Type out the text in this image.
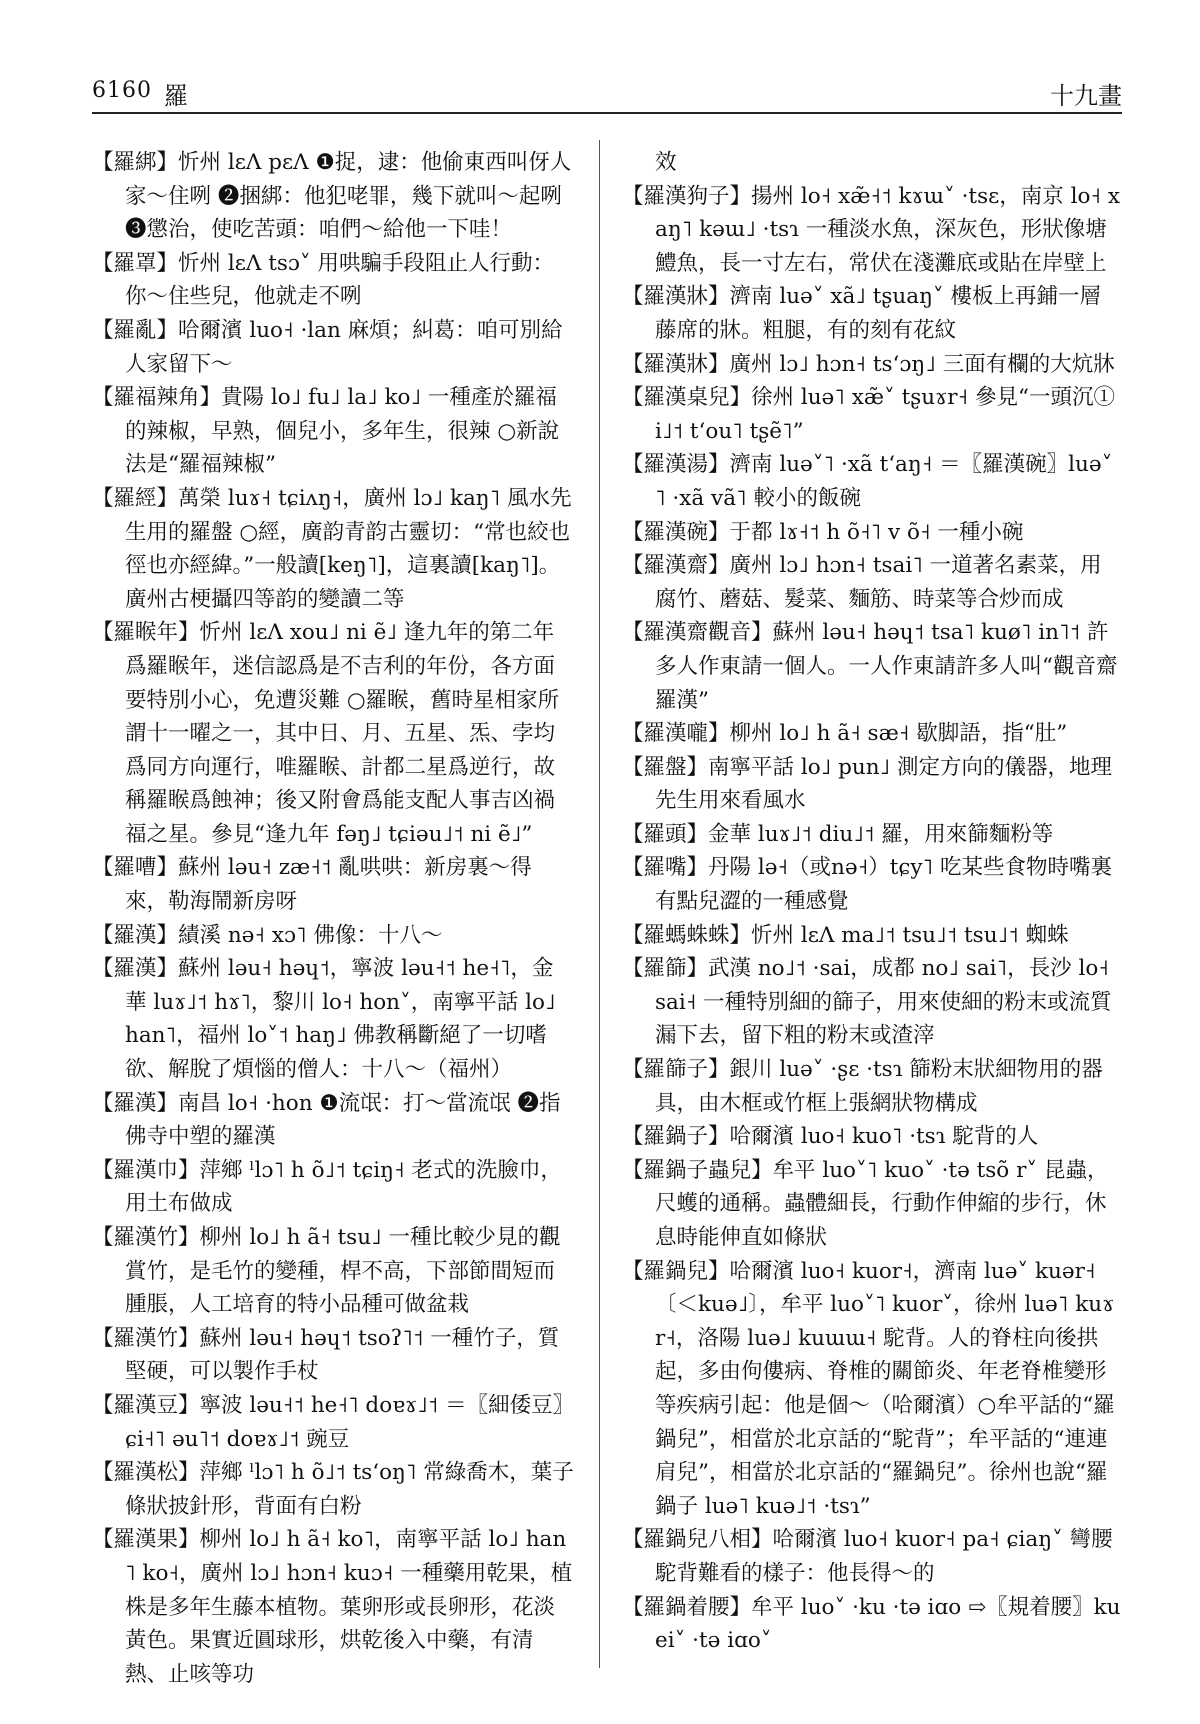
6160 羅	十九畫

【羅綁】忻州 lɛɅ pɛɅ ❶捉，逮：他偷東西叫伢人家～住咧 ❷捆綁：他犯咾罪，幾下就叫～起咧 ❸懲治，使吃苦頭：咱們～給他一下哇！

【羅罩】忻州 lɛɅ tsɔ˅ 用哄騙手段阻止人行動：你～住些兒，他就走不咧

【羅亂】哈爾濱 luo˧ ·lan 麻煩；糾葛：咱可別給人家留下～

【羅福辣角】貴陽 lo˩ fu˩ la˩ ko˩ 一種產於羅福的辣椒，早熟，個兒小，多年生，很辣 ○新說法是“羅福辣椒”

【羅經】萬榮 luɤ˧ tɕiʌŋ˧，廣州 lɔ˩ kaŋ˥ 風水先生用的羅盤 ○經，廣韵青韵古靈切：“常也絞也徑也亦經緯。”一般讀[keŋ˥]，這裏讀[kaŋ˥]。廣州古梗攝四等韵的變讀二等

【羅睺年】忻州 lɛɅ xou˩ ni ẽ˩ 逢九年的第二年爲羅睺年，迷信認爲是不吉利的年份，各方面要特別小心，免遭災難 ○羅睺，舊時星相家所謂十一曜之一，其中日、月、五星、炁、孛均爲同方向運行，唯羅睺、計都二星爲逆行，故稱羅睺爲蝕神；後又附會爲能支配人事吉凶禍福之星。參見“逢九年 fəŋ˩ tɕiəu˩˦ ni ẽ˩”

【羅嘈】蘇州 ləu˧ zæ˧˦ 亂哄哄：新房裏～得來，勒海鬧新房呀

【羅漢】績溪 nə˧ xɔ˥ 佛像：十八～

【羅漢】蘇州 ləu˧ həɥ˦，寧波 ləu˧˦ he˧˥，金華 luɤ˩˦ hɤ˥，黎川 lo˧ hon˅，南寧平話 lo˩ han˥，福州 lo˅˦ haŋ˩ 佛教稱斷絕了一切嗜欲、解脫了煩惱的僧人：十八～（福州）

【羅漢】南昌 lo˧ ·hon ❶流氓：打～當流氓 ❷指佛寺中塑的羅漢

【羅漢巾】萍鄉 ˡlɔ˥ h õ˩˦ tɕiŋ˧ 老式的洗臉巾，用土布做成

【羅漢竹】柳州 lo˩ h ã˧ tsu˩ 一種比較少見的觀賞竹，是毛竹的變種，桿不高，下部節間短而腫脹，人工培育的特小品種可做盆栽

【羅漢竹】蘇州 ləu˧ həɥ˦ tsoʔ˥˦ 一種竹子，質堅硬，可以製作手杖

【羅漢豆】寧波 ləu˧˦ he˧˥ doɐɤ˩˦ ＝〖細倭豆〗ɕi˧˥ əu˥˦ doɐɤ˩˦ 豌豆

【羅漢松】萍鄉 ˡlɔ˥ h õ˩˦ tsʻoŋ˥ 常綠喬木，葉子條狀披針形，背面有白粉

【羅漢果】柳州 lo˩ h ã˧ ko˥，南寧平話 lo˩ han˥ ko˧，廣州 lɔ˩ hɔn˧ kuɔ˧ 一種藥用乾果，植株是多年生藤本植物。葉卵形或長卵形，花淡黃色。果實近圓球形，烘乾後入中藥，有清熱、止咳等功

效

【羅漢狗子】揚州 lo˧ xæ̃˧˦ kɤɯ˅ ·tsɛ，南京 lo˧ xaŋ˥ kəɯ˩ ·tsɿ 一種淡水魚，深灰色，形狀像塘鱧魚，長一寸左右，常伏在淺灘底或貼在岸壁上

【羅漢牀】濟南 luə˅ xã˩ tʂuaŋ˅ 樓板上再鋪一層藤席的牀。粗腿，有的刻有花紋

【羅漢牀】廣州 lɔ˩ hɔn˧ tsʻɔŋ˩ 三面有欄的大炕牀

【羅漢桌兒】徐州 luə˥ xæ̃˅ tʂuɤr˧ 參見“一頭沉① i˩˦ tʻou˥ tʂẽ˥”

【羅漢湯】濟南 luə˅˥ ·xã tʻaŋ˧ ＝〖羅漢碗〗luə˅˥ ·xã vã˥ 較小的飯碗

【羅漢碗】于都 lɤ˧˦ h õ˧˥ v õ˧ 一種小碗

【羅漢齋】廣州 lɔ˩ hɔn˧ tsai˥ 一道著名素菜，用腐竹、蘑菇、髮菜、麵筋、時菜等合炒而成

【羅漢齋觀音】蘇州 ləu˧ həɥ˦ tsa˥ kuø˥ in˥˦ 許多人作東請一個人。一人作東請許多人叫“觀音齋羅漢”

【羅漢嚨】柳州 lo˩ h ã˧ sæ˧ 歇脚語，指“肚”

【羅盤】南寧平話 lo˩ pun˩ 測定方向的儀器，地理先生用來看風水

【羅頭】金華 luɤ˩˦ diu˩˦ 羅，用來篩麵粉等

【羅嘴】丹陽 lə˧（或nə˧）tɕy˥ 吃某些食物時嘴裏有點兒澀的一種感覺

【羅螞蛛蛛】忻州 lɛɅ ma˩˦ tsu˩˦ tsu˩˦ 蜘蛛

【羅篩】武漢 no˩˦ ·sai，成都 no˩ sai˥，長沙 lo˧ sai˧ 一種特別細的篩子，用來使細的粉末或流質漏下去，留下粗的粉末或渣滓

【羅篩子】銀川 luə˅ ·ʂɛ ·tsɿ 篩粉末狀細物用的器具，由木框或竹框上張網狀物構成

【羅鍋子】哈爾濱 luo˧ kuo˥ ·tsɿ 駝背的人

【羅鍋子蟲兒】牟平 luo˅˥ kuo˅ ·tə tsõ r˅ 昆蟲，尺蠖的通稱。蟲體細長，行動作伸縮的步行，休息時能伸直如條狀

【羅鍋兒】哈爾濱 luo˧ kuor˧，濟南 luə˅ kuər˧〔＜kuə˩〕，牟平 luo˅˥ kuor˅，徐州 luə˥ kuɤr˧，洛陽 luə˩ kuɯɯ˧ 駝背。人的脊柱向後拱起，多由佝僂病、脊椎的關節炎、年老脊椎變形等疾病引起：他是個～（哈爾濱）○牟平話的“羅鍋兒”，相當於北京話的“駝背”；牟平話的“連連肩兒”，相當於北京話的“羅鍋兒”。徐州也說“羅鍋子 luə˥ kuə˩˦ ·tsɿ”

【羅鍋兒八相】哈爾濱 luo˧ kuor˧ pa˧ ɕiaŋ˅ 彎腰駝背難看的樣子：他長得～的

【羅鍋着腰】牟平 luo˅ ·ku ·tə iɑo ⇨〖規着腰〗kuei˅ ·tə iɑo˅
